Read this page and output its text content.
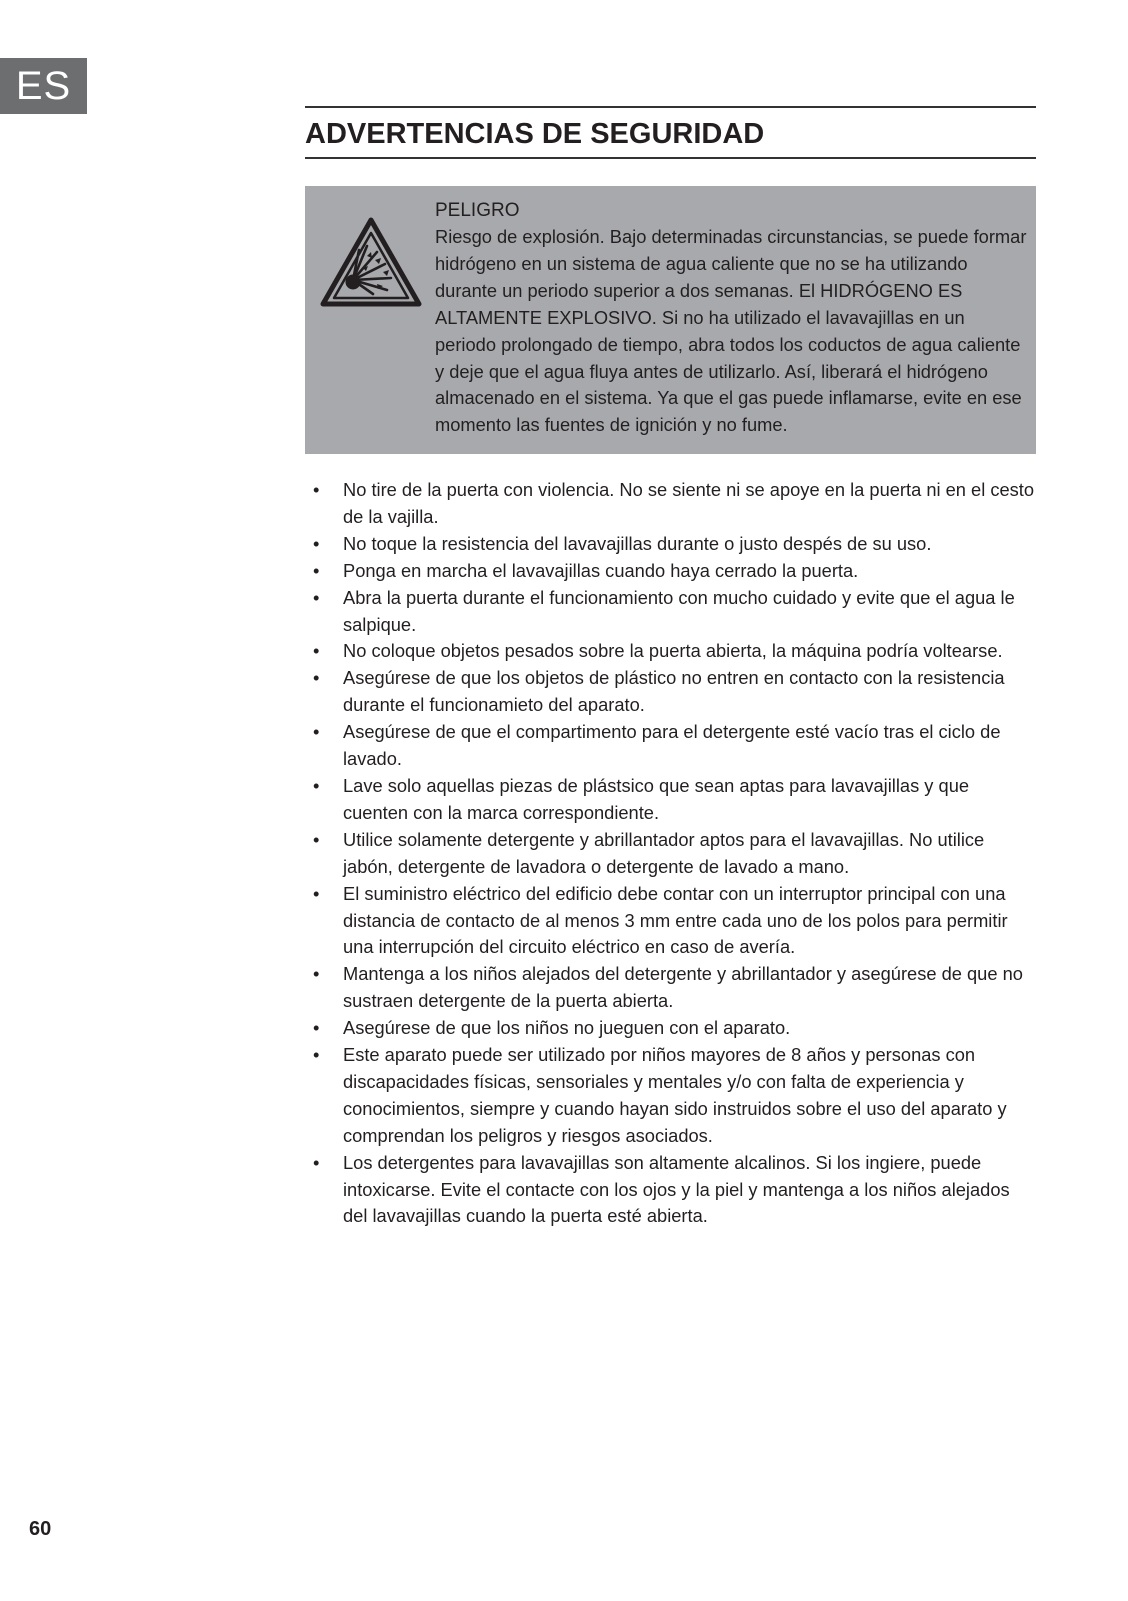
ES
ADVERTENCIAS DE SEGURIDAD

PELIGRO

Riesgo de explosión. Bajo determinadas circunstancias, se puede formar hidrógeno en un sistema de agua caliente que no se ha utilizando durante un periodo superior a dos semanas. El HIDRÓGENO ES ALTAMENTE EXPLOSIVO. Si no ha utilizado el lavavajillas en un periodo prolongado de tiempo, abra todos los coductos de agua caliente y deje que el agua fluya antes de utilizarlo. Así, liberará el hidrógeno almacenado en el sistema. Ya que el gas puede inflamarse, evite en ese momento las fuentes de ignición y no fume.

• No tire de la puerta con violencia. No se siente ni se apoye en la puerta ni en el cesto de la vajilla.
• No toque la resistencia del lavavajillas durante o justo despés de su uso.
• Ponga en marcha el lavavajillas cuando haya cerrado la puerta.
• Abra la puerta durante el funcionamiento con mucho cuidado y evite que el agua le salpique.
• No coloque objetos pesados sobre la puerta abierta, la máquina podría voltearse.
• Asegúrese de que los objetos de plástico no entren en contacto con la resistencia durante el funcionamieto del aparato.
• Asegúrese de que el compartimento para el detergente esté vacío tras el ciclo de lavado.
• Lave solo aquellas piezas de plástsico que sean aptas para lavavajillas y que cuenten con la marca correspondiente.
• Utilice solamente detergente y abrillantador aptos para el lavavajillas. No utilice jabón, detergente de lavadora o detergente de lavado a mano.
• El suministro eléctrico del edificio debe contar con un interruptor principal con una distancia de contacto de al menos 3 mm entre cada uno de los polos para permitir una interrupción del circuito eléctrico en caso de avería.
• Mantenga a los niños alejados del detergente y abrillantador y asegúrese de que no sustraen detergente de la puerta abierta.
• Asegúrese de que los niños no jueguen con el aparato.
• Este aparato puede ser utilizado por niños mayores de 8 años y personas con discapacidades físicas, sensoriales y mentales y/o con falta de experiencia y conocimientos, siempre y cuando hayan sido instruidos sobre el uso del aparato y comprendan los peligros y riesgos asociados.
• Los detergentes para lavavajillas son altamente alcalinos. Si los ingiere, puede intoxicarse. Evite el contacte con los ojos y la piel y mantenga a los niños alejados del lavavajillas cuando la puerta esté abierta.
60
